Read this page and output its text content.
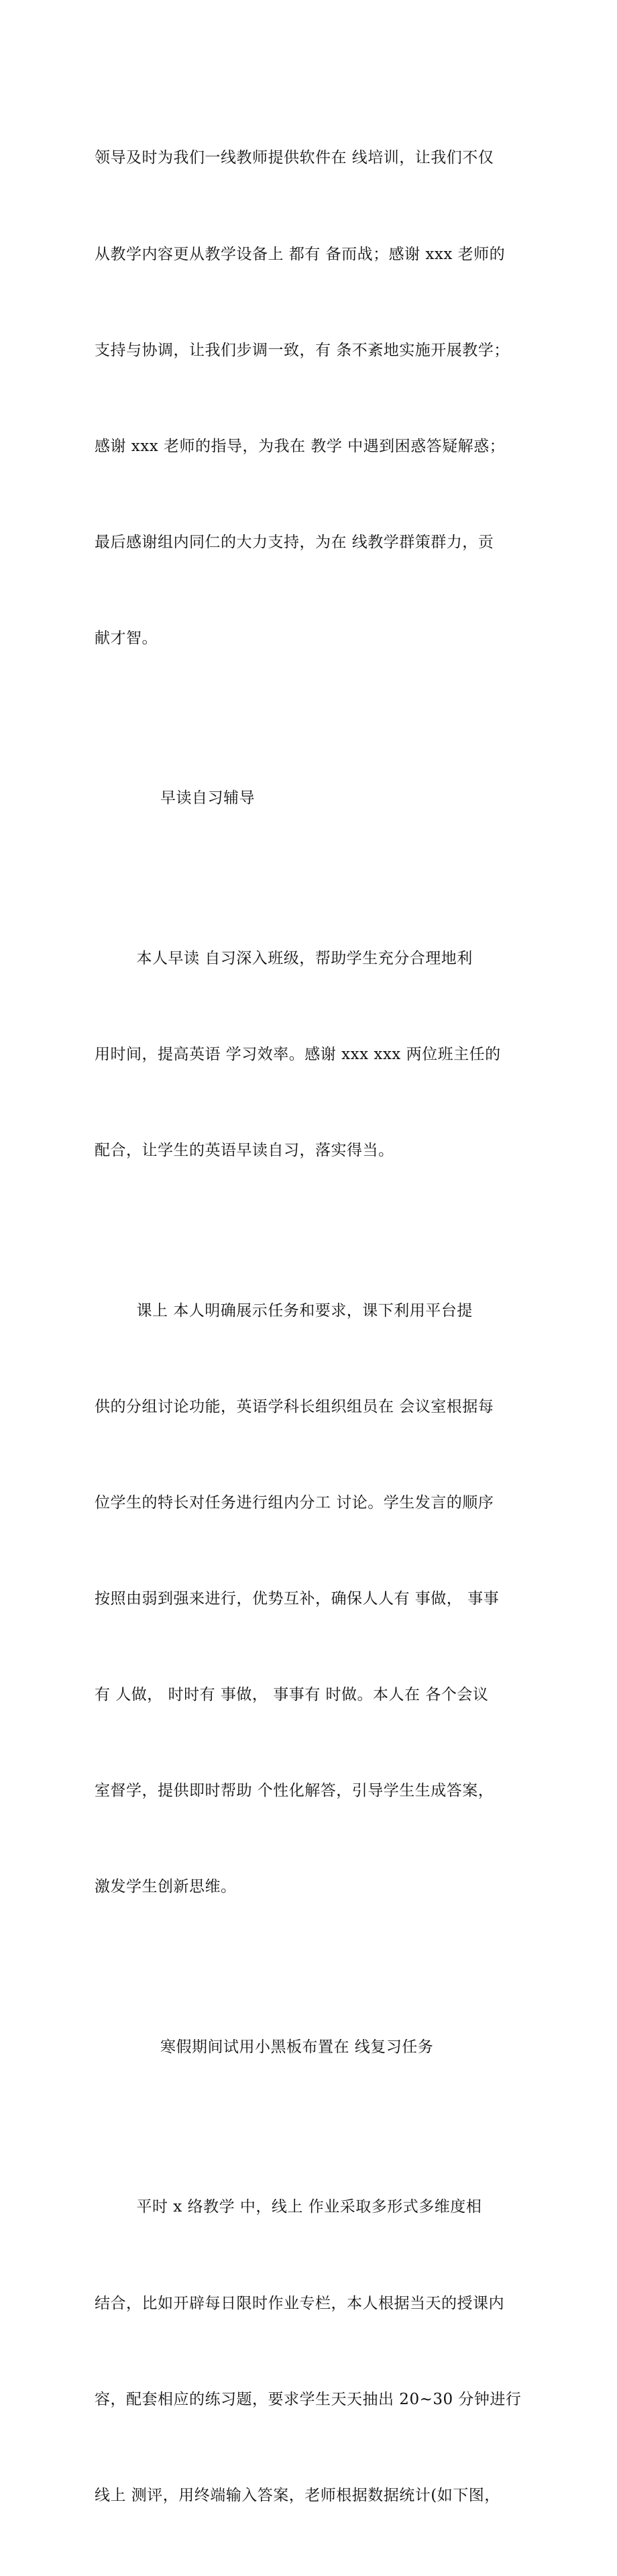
领导及时为我们一线教师提供软件在 线培训，让我们不仅

从教学内容更从教学设备上 都有 备而战；感谢 xxx 老师的

支持与协调，让我们步调一致，有 条不紊地实施开展教学；

感谢 xxx 老师的指导，为我在 教学 中遇到困惑答疑解惑；

最后感谢组内同仁的大力支持，为在 线教学群策群力，贡

献才智。

早读自习辅导

本人早读 自习深入班级，帮助学生充分合理地利

用时间，提高英语 学习效率。感谢 xxx xxx 两位班主任的

配合，让学生的英语早读自习，落实得当。

课上 本人明确展示任务和要求，课下利用平台提

供的分组讨论功能，英语学科长组织组员在 会议室根据每

位学生的特长对任务进行组内分工 讨论。学生发言的顺序

按照由弱到强来进行，优势互补，确保人人有 事做， 事事

有 人做， 时时有 事做， 事事有 时做。本人在 各个会议

室督学，提供即时帮助 个性化解答，引导学生生成答案，

激发学生创新思维。

寒假期间试用小黑板布置在 线复习任务

平时 x 络教学 中，线上 作业采取多形式多维度相

结合，比如开辟每日限时作业专栏，本人根据当天的授课内

容，配套相应的练习题，要求学生天天抽出 20~30 分钟进行

线上 测评，用终端输入答案，老师根据数据统计(如下图，
